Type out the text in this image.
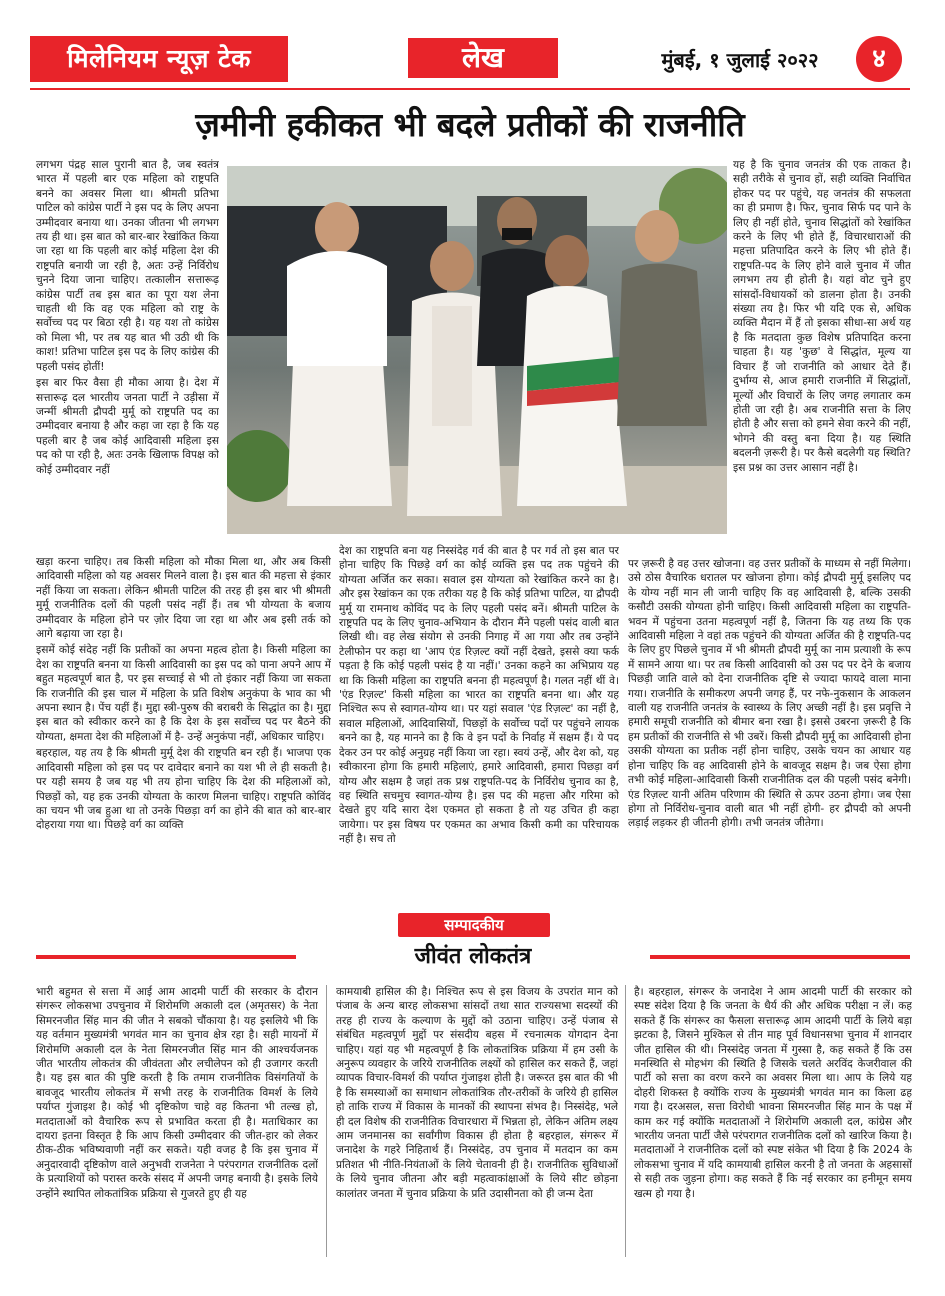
मिलेनियम न्यूज़ टेक	लेख	मुंबई, १ जुलाई २०२२	४
ज़मीनी हकीकत भी बदले प्रतीकों की राजनीति

लगभग पंद्रह साल पुरानी बात है, जब स्वतंत्र भारत में पहली बार एक महिला को राष्ट्रपति बनने का अवसर मिला था। श्रीमती प्रतिभा पाटिल को कांग्रेस पार्टी ने इस पद के लिए अपना उम्मीदवार बनाया था। उनका जीतना भी लगभग तय ही था। इस बात को बार-बार रेखांकित किया जा रहा था कि पहली बार कोई महिला देश की राष्ट्रपति बनायी जा रही है, अतः उन्हें निर्विरोध चुनने दिया जाना चाहिए। तत्कालीन सत्तारूढ़ कांग्रेस पार्टी तब इस बात का पूरा यश लेना चाहती थी कि वह एक महिला को राष्ट्र के सर्वोच्च पद पर बिठा रही है। यह यश तो कांग्रेस को मिला भी, पर तब यह बात भी उठी थी कि काश! प्रतिभा पाटिल इस पद के लिए कांग्रेस की पहली पसंद होतीं!

इस बार फिर वैसा ही मौका आया है। देश में सत्तारूढ़ दल भारतीय जनता पार्टी ने उड़ीसा में जन्मीं श्रीमती द्रौपदी मुर्मू को राष्ट्रपति पद का उम्मीदवार बनाया है और कहा जा रहा है कि यह पहली बार है जब कोई आदिवासी महिला इस पद को पा रही है, अतः उनके खिलाफ विपक्ष को कोई उम्मीदवार नहीं

खड़ा करना चाहिए। तब किसी महिला को मौका मिला था, और अब किसी आदिवासी महिला को यह अवसर मिलने वाला है। इस बात की महत्ता से इंकार नहीं किया जा सकता। लेकिन श्रीमती पाटिल की तरह ही इस बार भी श्रीमती मुर्मू राजनीतिक दलों की पहली पसंद नहीं हैं। तब भी योग्यता के बजाय उम्मीदवार के महिला होने पर ज़ोर दिया जा रहा था और अब इसी तर्क को आगे बढ़ाया जा रहा है।

इसमें कोई संदेह नहीं कि प्रतीकों का अपना महत्व होता है। किसी महिला का देश का राष्ट्रपति बनना या किसी आदिवासी का इस पद को पाना अपने आप में बहुत महत्वपूर्ण बात है, पर इस सच्चाई से भी तो इंकार नहीं किया जा सकता कि राजनीति की इस चाल में महिला के प्रति विशेष अनुकंपा के भाव का भी अपना स्थान है। पेंच यहीं हैं। मुद्दा स्त्री-पुरुष की बराबरी के सिद्धांत का है। मुद्दा इस बात को स्वीकार करने का है कि देश के इस सर्वोच्च पद पर बैठने की योग्यता, क्षमता देश की महिलाओं में है- उन्हें अनुकंपा नहीं, अधिकार चाहिए।

बहरहाल, यह तय है कि श्रीमती मुर्मू देश की राष्ट्रपति बन रही हैं। भाजपा एक आदिवासी महिला को इस पद पर दावेदार बनाने का यश भी ले ही सकती है। पर यही समय है जब यह भी तय होना चाहिए कि देश की महिलाओं को, पिछड़ों को, यह हक उनकी योग्यता के कारण मिलना चाहिए। राष्ट्रपति कोविंद का चयन भी जब हुआ था तो उनके पिछड़ा वर्ग का होने की बात को बार-बार दोहराया गया था। पिछड़े वर्ग का व्यक्ति

देश का राष्ट्रपति बना यह निस्संदेह गर्व की बात है पर गर्व तो इस बात पर होना चाहिए कि पिछड़े वर्ग का कोई व्यक्ति इस पद तक पहुंचने की योग्यता अर्जित कर सका। सवाल इस योग्यता को रेखांकित करने का है। और इस रेखांकन का एक तरीका यह है कि कोई प्रतिभा पाटिल, या द्रौपदी मुर्मू या रामनाथ कोविंद पद के लिए पहली पसंद बनें। श्रीमती पाटिल के राष्ट्रपति पद के लिए चुनाव-अभियान के दौरान मैंने पहली पसंद वाली बात लिखी थी। वह लेख संयोग से उनकी निगाह में आ गया और तब उन्होंने टेलीफोन पर कहा था 'आप एंड रिज़ल्ट क्यों नहीं देखते, इससे क्या फर्क पड़ता है कि कोई पहली पसंद है या नहीं।' उनका कहने का अभिप्राय यह था कि किसी महिला का राष्ट्रपति बनना ही महत्वपूर्ण है। गलत नहीं थीं वे। 'एंड रिज़ल्ट' किसी महिला का भारत का राष्ट्रपति बनना था। और यह निश्चित रूप से स्वागत-योग्य था। पर यहां सवाल 'एंड रिज़ल्ट' का नहीं है, सवाल महिलाओं, आदिवासियों, पिछड़ों के सर्वोच्च पदों पर पहुंचने लायक बनने का है, यह मानने का है कि वे इन पदों के निर्वाह में सक्षम हैं। ये पद देकर उन पर कोई अनुग्रह नहीं किया जा रहा। स्वयं उन्हें, और देश को, यह स्वीकारना होगा कि हमारी महिलाएं, हमारे आदिवासी, हमारा पिछड़ा वर्ग योग्य और सक्षम है जहां तक प्रश्न राष्ट्रपति-पद के निर्विरोध चुनाव का है, वह स्थिति सचमुच स्वागत-योग्य है। इस पद की महत्ता और गरिमा को देखते हुए यदि सारा देश एकमत हो सकता है तो यह उचित ही कहा जायेगा। पर इस विषय पर एकमत का अभाव किसी कमी का परिचायक नहीं है। सच तो

यह है कि चुनाव जनतंत्र की एक ताकत है। सही तरीके से चुनाव हों, सही व्यक्ति निर्वाचित होकर पद पर पहुंचे, यह जनतंत्र की सफलता का ही प्रमाण है। फिर, चुनाव सिर्फ पद पाने के लिए ही नहीं होते, चुनाव सिद्धांतों को रेखांकित करने के लिए भी होते हैं, विचारधाराओं की महत्ता प्रतिपादित करने के लिए भी होते हैं। राष्ट्रपति-पद के लिए होने वाले चुनाव में जीत लगभग तय ही होती है। यहां वोट चुने हुए सांसदों-विधायकों को डालना होता है। उनकी संख्या तय है। फिर भी यदि एक से, अधिक व्यक्ति मैदान में हैं तो इसका सीधा-सा अर्थ यह है कि मतदाता कुछ विशेष प्रतिपादित करना चाहता है। यह 'कुछ' वे सिद्धांत, मूल्य या विचार हैं जो राजनीति को आधार देते हैं। दुर्भाग्य से, आज हमारी राजनीति में सिद्धांतों, मूल्यों और विचारों के लिए जगह लगातार कम होती जा रही है। अब राजनीति सत्ता के लिए होती है और सत्ता को हमने सेवा करने की नहीं, भोगने की वस्तु बना दिया है। यह स्थिति बदलनी ज़रूरी है। पर कैसे बदलेगी यह स्थिति? इस प्रश्न का उत्तर आसान नहीं है।

पर ज़रूरी है वह उत्तर खोजना। वह उत्तर प्रतीकों के माध्यम से नहीं मिलेगा। उसे ठोस वैचारिक धरातल पर खोजना होगा। कोई द्रौपदी मुर्मू इसलिए पद के योग्य नहीं मान ली जानी चाहिए कि वह आदिवासी है, बल्कि उसकी कसौटी उसकी योग्यता होनी चाहिए। किसी आदिवासी महिला का राष्ट्रपति-भवन में पहुंचना उतना महत्वपूर्ण नहीं है, जितना कि यह तथ्य कि एक आदिवासी महिला ने वहां तक पहुंचने की योग्यता अर्जित की है राष्ट्रपति-पद के लिए हुए पिछले चुनाव में भी श्रीमती द्रौपदी मुर्मू का नाम प्रत्याशी के रूप में सामने आया था। पर तब किसी आदिवासी को उस पद पर देने के बजाय पिछड़ी जाति वाले को देना राजनीतिक दृष्टि से ज्यादा फायदे वाला माना गया। राजनीति के समीकरण अपनी जगह हैं, पर नफे-नुकसान के आकलन वाली यह राजनीति जनतंत्र के स्वास्थ्य के लिए अच्छी नहीं है। इस प्रवृत्ति ने हमारी समूची राजनीति को बीमार बना रखा है। इससे उबरना ज़रूरी है कि हम प्रतीकों की राजनीति से भी उबरें। किसी द्रौपदी मुर्मू का आदिवासी होना उसकी योग्यता का प्रतीक नहीं होना चाहिए, उसके चयन का आधार यह होना चाहिए कि वह आदिवासी होने के बावजूद सक्षम है। जब ऐसा होगा तभी कोई महिला-आदिवासी किसी राजनीतिक दल की पहली पसंद बनेगी। एंड रिज़ल्ट यानी अंतिम परिणाम की स्थिति से ऊपर उठना होगा। जब ऐसा होगा तो निर्विरोध-चुनाव वाली बात भी नहीं होगी- हर द्रौपदी को अपनी लड़ाई लड़कर ही जीतनी होगी। तभी जनतंत्र जीतेगा।

सम्पादकीय
जीवंत लोकतंत्र

भारी बहुमत से सत्ता में आई आम आदमी पार्टी की सरकार के दौरान संगरूर लोकसभा उपचुनाव में शिरोमणि अकाली दल (अमृतसर) के नेता सिमरनजीत सिंह मान की जीत ने सबको चौंकाया है। यह इसलिये भी कि यह वर्तमान मुख्यमंत्री भगवंत मान का चुनाव क्षेत्र रहा है। सही मायनों में शिरोमणि अकाली दल के नेता सिमरनजीत सिंह मान की आश्चर्यजनक जीत भारतीय लोकतंत्र की जीवंतता और लचीलेपन को ही उजागर करती है। यह इस बात की पुष्टि करती है कि तमाम राजनीतिक विसंगतियों के बावजूद भारतीय लोकतंत्र में सभी तरह के राजनीतिक विमर्श के लिये पर्याप्त गुंजाइश है। कोई भी दृष्टिकोण चाहे वह कितना भी तल्ख हो, मतदाताओं को वैचारिक रूप से प्रभावित करता ही है। मताधिकार का दायरा इतना विस्तृत है कि आप किसी उम्मीदवार की जीत-हार को लेकर ठीक-ठीक भविष्यवाणी नहीं कर सकते। यही वजह है कि इस चुनाव में अनुदारवादी दृष्टिकोण वाले अनुभवी राजनेता ने परंपरागत राजनीतिक दलों के प्रत्याशियों को परास्त करके संसद में अपनी जगह बनायी है। इसके लिये उन्होंने स्थापित लोकतांत्रिक प्रक्रिया से गुजरते हुए ही यह

कामयाबी हासिल की है। निश्चित रूप से इस विजय के उपरांत मान को पंजाब के अन्य बारह लोकसभा सांसदों तथा सात राज्यसभा सदस्यों की तरह ही राज्य के कल्याण के मुद्दों को उठाना चाहिए। उन्हें पंजाब से संबंधित महत्वपूर्ण मुद्दों पर संसदीय बहस में रचनात्मक योगदान देना चाहिए। यहां यह भी महत्वपूर्ण है कि लोकतांत्रिक प्रक्रिया में हम उसी के अनुरूप व्यवहार के जरिये राजनीतिक लक्ष्यों को हासिल कर सकते हैं, जहां व्यापक विचार-विमर्श की पर्याप्त गुंजाइश होती है। जरूरत इस बात की भी है कि समस्याओं का समाधान लोकतांत्रिक तौर-तरीकों के जरिये ही हासिल हो ताकि राज्य में विकास के मानकों की स्थापना संभव है। निस्संदेह, भले ही दल विशेष की राजनीतिक विचारधारा में भिन्नता हो, लेकिन अंतिम लक्ष्य आम जनमानस का सर्वांगीण विकास ही होता है बहरहाल, संगरूर में जनादेश के गहरे निहितार्थ हैं। निस्संदेह, उप चुनाव में मतदान का कम प्रतिशत भी नीति-नियंताओं के लिये चेतावनी ही है। राजनीतिक सुविधाओं के लिये चुनाव जीतना और बड़ी महत्वाकांक्षाओं के लिये सीट छोड़ना कालांतर जनता में चुनाव प्रक्रिया के प्रति उदासीनता को ही जन्म देता

है। बहरहाल, संगरूर के जनादेश ने आम आदमी पार्टी की सरकार को स्पष्ट संदेश दिया है कि जनता के धैर्य की और अधिक परीक्षा न लें। कह सकते हैं कि संगरूर का फैसला सत्तारूढ़ आम आदमी पार्टी के लिये बड़ा झटका है, जिसने मुश्किल से तीन माह पूर्व विधानसभा चुनाव में शानदार जीत हासिल की थी। निस्संदेह जनता में गुस्सा है, कह सकते हैं कि उस मनस्थिति से मोहभंग की स्थिति है जिसके चलते अरविंद केजरीवाल की पार्टी को सत्ता का वरण करने का अवसर मिला था। आप के लिये यह दोहरी शिकस्त है क्योंकि राज्य के मुख्यमंत्री भगवंत मान का किला ढह गया है। दरअसल, सत्ता विरोधी भावना सिमरनजीत सिंह मान के पक्ष में काम कर गई क्योंकि मतदाताओं ने शिरोमणि अकाली दल, कांग्रेस और भारतीय जनता पार्टी जैसे परंपरागत राजनीतिक दलों को खारिज किया है। मतदाताओं ने राजनीतिक दलों को स्पष्ट संकेत भी दिया है कि 2024 के लोकसभा चुनाव में यदि कामयाबी हासिल करनी है तो जनता के अहसासों से सही तक जुड़ना होगा। कह सकते हैं कि नई सरकार का हनीमून समय खत्म हो गया है।
